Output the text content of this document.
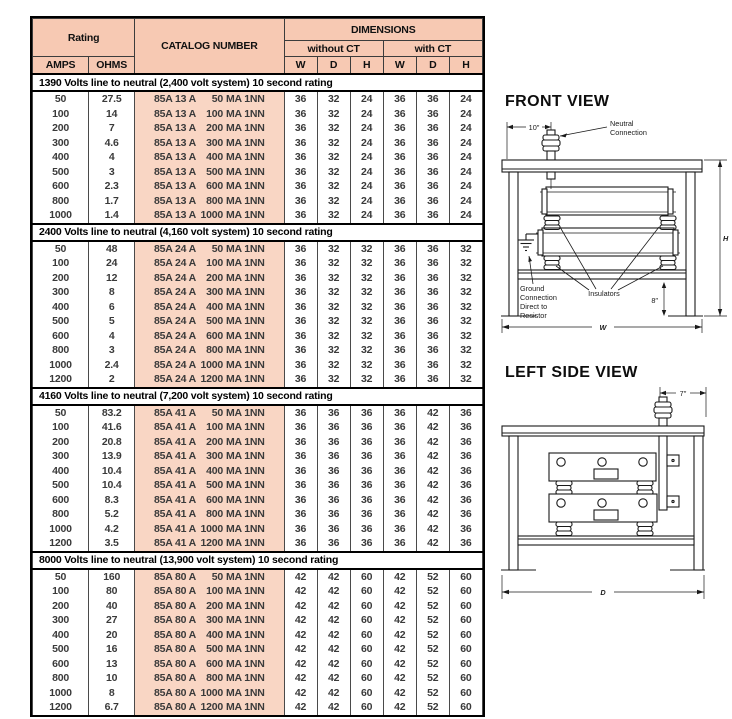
Rating		CATALOG NUMBER	DIMENSIONS					
			without CT			with CT		
AMPS	OHMS		W	D	H	W	D	H
1390 Volts line to neutral (2,400 volt system) 10 second rating								
50	27.5	85A 13 A 50 MA 1NN	36	32	24	36	36	24
100	14	85A 13 A 100 MA 1NN	36	32	24	36	36	24
200	7	85A 13 A 200 MA 1NN	36	32	24	36	36	24
300	4.6	85A 13 A 300 MA 1NN	36	32	24	36	36	24
400	4	85A 13 A 400 MA 1NN	36	32	24	36	36	24
500	3	85A 13 A 500 MA 1NN	36	32	24	36	36	24
600	2.3	85A 13 A 600 MA 1NN	36	32	24	36	36	24
800	1.7	85A 13 A 800 MA 1NN	36	32	24	36	36	24
1000	1.4	85A 13 A 1000 MA 1NN	36	32	24	36	36	24
2400 Volts line to neutral (4,160 volt system) 10 second rating								
50	48	85A 24 A 50 MA 1NN	36	32	32	36	36	32
100	24	85A 24 A 100 MA 1NN	36	32	32	36	36	32
200	12	85A 24 A 200 MA 1NN	36	32	32	36	36	32
300	8	85A 24 A 300 MA 1NN	36	32	32	36	36	32
400	6	85A 24 A 400 MA 1NN	36	32	32	36	36	32
500	5	85A 24 A 500 MA 1NN	36	32	32	36	36	32
600	4	85A 24 A 600 MA 1NN	36	32	32	36	36	32
800	3	85A 24 A 800 MA 1NN	36	32	32	36	36	32
1000	2.4	85A 24 A 1000 MA 1NN	36	32	32	36	36	32
1200	2	85A 24 A 1200 MA 1NN	36	32	32	36	36	32
4160 Volts line to neutral (7,200 volt system) 10 second rating								
50	83.2	85A 41 A 50 MA 1NN	36	36	36	36	42	36
100	41.6	85A 41 A 100 MA 1NN	36	36	36	36	42	36
200	20.8	85A 41 A 200 MA 1NN	36	36	36	36	42	36
300	13.9	85A 41 A 300 MA 1NN	36	36	36	36	42	36
400	10.4	85A 41 A 400 MA 1NN	36	36	36	36	42	36
500	10.4	85A 41 A 500 MA 1NN	36	36	36	36	42	36
600	8.3	85A 41 A 600 MA 1NN	36	36	36	36	42	36
800	5.2	85A 41 A 800 MA 1NN	36	36	36	36	42	36
1000	4.2	85A 41 A 1000 MA 1NN	36	36	36	36	42	36
1200	3.5	85A 41 A 1200 MA 1NN	36	36	36	36	42	36
8000 Volts line to neutral (13,900 volt system) 10 second rating								
50	160	85A 80 A 50 MA 1NN	42	42	60	42	52	60
100	80	85A 80 A 100 MA 1NN	42	42	60	42	52	60
200	40	85A 80 A 200 MA 1NN	42	42	60	42	52	60
300	27	85A 80 A 300 MA 1NN	42	42	60	42	52	60
400	20	85A 80 A 400 MA 1NN	42	42	60	42	52	60
500	16	85A 80 A 500 MA 1NN	42	42	60	42	52	60
600	13	85A 80 A 600 MA 1NN	42	42	60	42	52	60
800	10	85A 80 A 800 MA 1NN	42	42	60	42	52	60
1000	8	85A 80 A 1000 MA 1NN	42	42	60	42	52	60
1200	6.7	85A 80 A 1200 MA 1NN	42	42	60	42	52	60
FRONT VIEW
10″	Neutral
Connection
Ground
Connection
Direct to
Resistor
Insulators
8″
H
W
LEFT SIDE VIEW
7″
D
